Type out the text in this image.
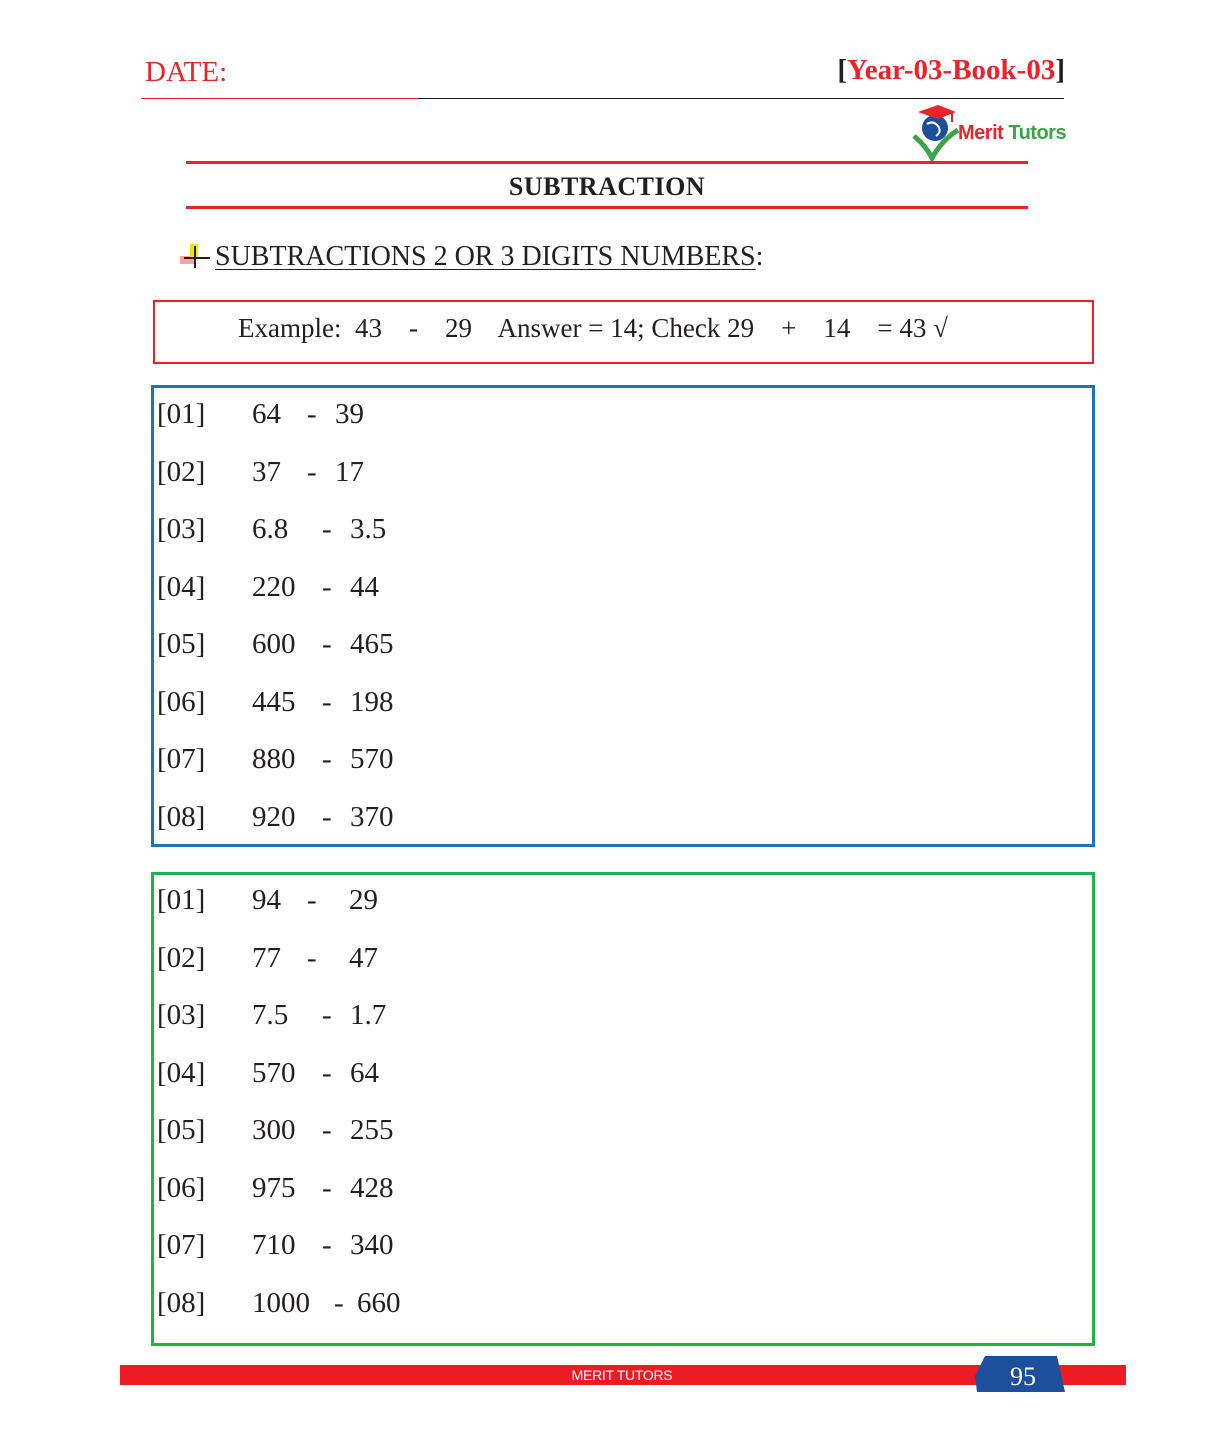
DATE:	[Year-03-Book-03]
Merit Tutors
SUBTRACTION
SUBTRACTIONS 2 OR 3 DIGITS NUMBERS:
Example:  43    -    29    Answer = 14; Check 29    +    14    = 43 √
[01] 64 - 39
[02] 37 - 17
[03] 6.8 - 3.5
[04] 220 - 44
[05] 600 - 465
[06] 445 - 198
[07] 880 - 570
[08] 920 - 370
[01] 94 - 29
[02] 77 - 47
[03] 7.5 - 1.7
[04] 570 - 64
[05] 300 - 255
[06] 975 - 428
[07] 710 - 340
[08] 1000 - 660
MERIT TUTORS	95
